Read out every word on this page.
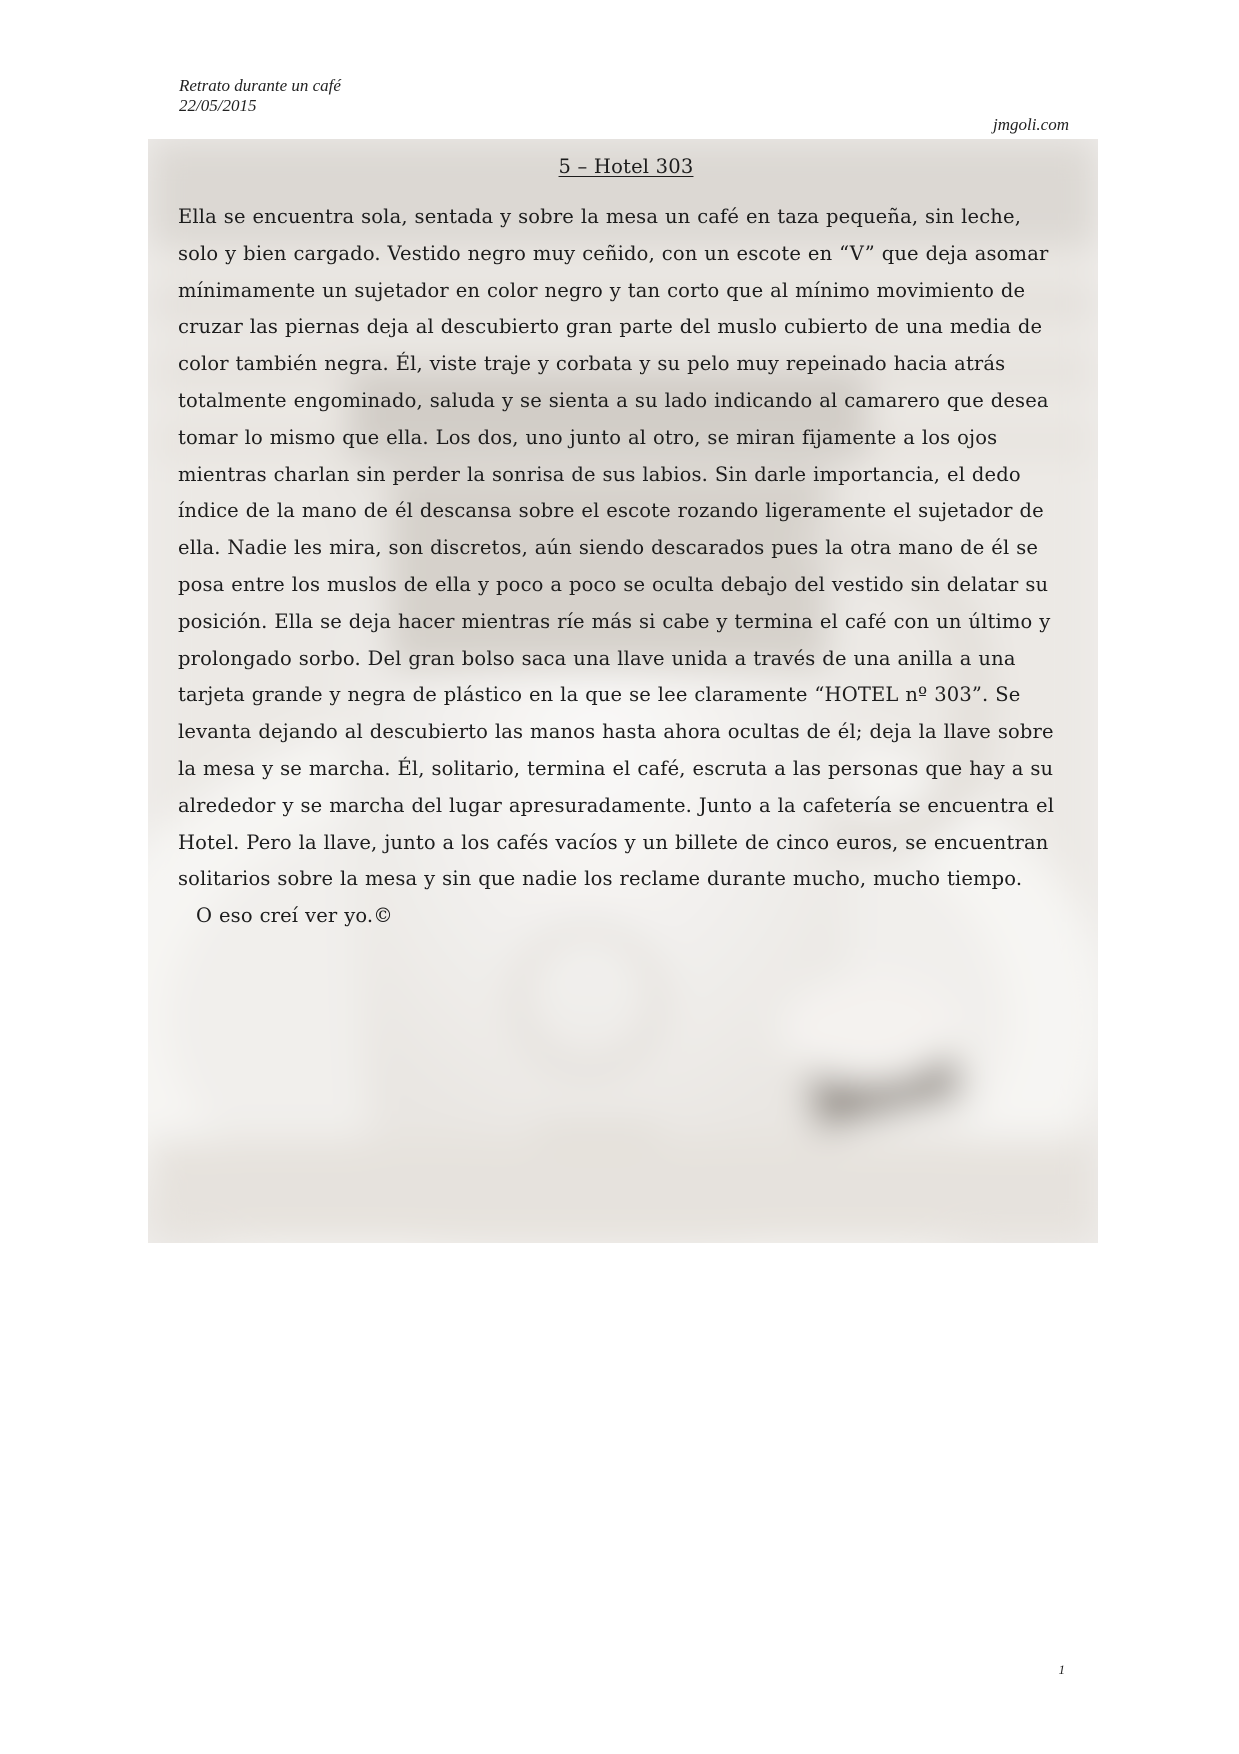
Retrato durante un café
22/05/2015
jmgoli.com
5 – Hotel 303
Ella se encuentra sola, sentada y sobre la mesa un café en taza pequeña, sin leche,
solo y bien cargado. Vestido negro muy ceñido, con un escote en “V” que deja asomar
mínimamente un sujetador en color negro y tan corto que al mínimo movimiento de
cruzar las piernas deja al descubierto gran parte del muslo cubierto de una media de
color también negra. Él, viste traje y corbata y su pelo muy repeinado hacia atrás
totalmente engominado, saluda y se sienta a su lado indicando al camarero que desea
tomar lo mismo que ella. Los dos, uno junto al otro, se miran fijamente a los ojos
mientras charlan sin perder la sonrisa de sus labios. Sin darle importancia, el dedo
índice de la mano de él descansa sobre el escote rozando ligeramente el sujetador de
ella. Nadie les mira, son discretos, aún siendo descarados pues la otra mano de él se
posa entre los muslos de ella y poco a poco se oculta debajo del vestido sin delatar su
posición. Ella se deja hacer mientras ríe más si cabe y termina el café con un último y
prolongado sorbo. Del gran bolso saca una llave unida a través de una anilla a una
tarjeta grande y negra de plástico en la que se lee claramente “HOTEL nº 303”. Se
levanta dejando al descubierto las manos hasta ahora ocultas de él; deja la llave sobre
la mesa y se marcha. Él, solitario, termina el café, escruta a las personas que hay a su
alrededor y se marcha del lugar apresuradamente. Junto a la cafetería se encuentra el
Hotel. Pero la llave, junto a los cafés vacíos y un billete de cinco euros, se encuentran
solitarios sobre la mesa y sin que nadie los reclame durante mucho, mucho tiempo.
O eso creí ver yo.©
1
